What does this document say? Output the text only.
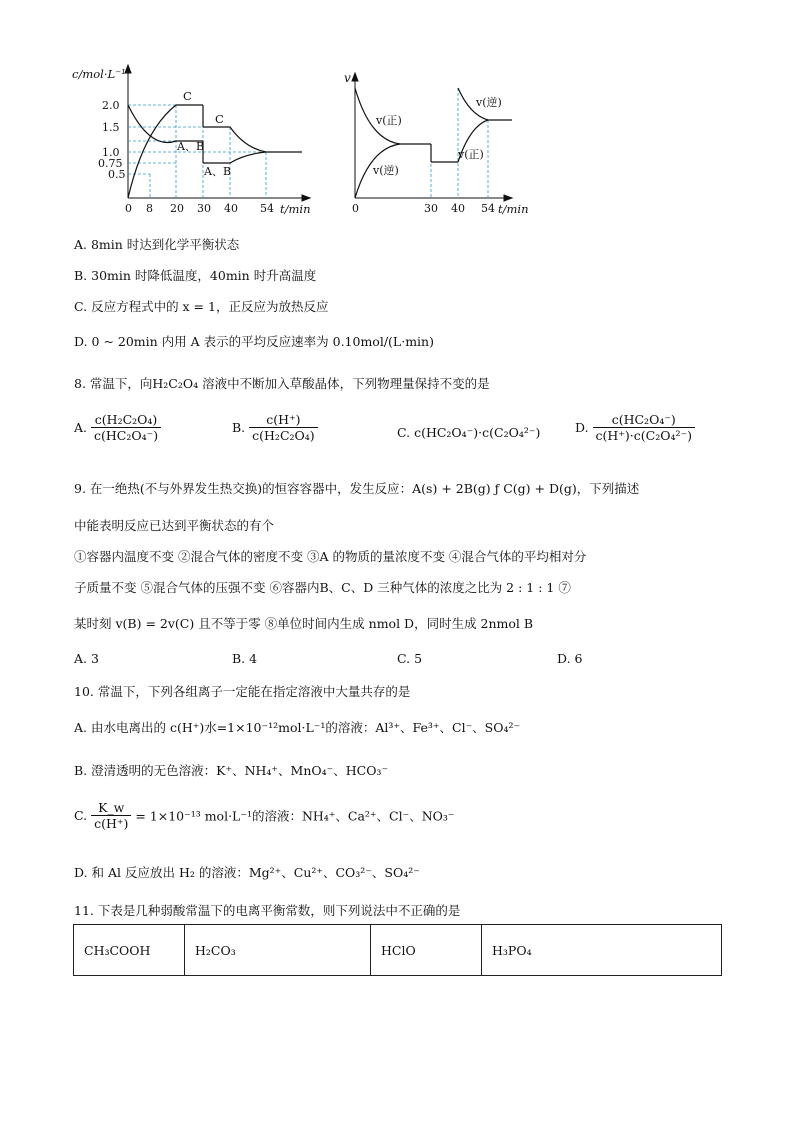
c/mol·L⁻¹
2.0
1.5
1.0
0.75
0.5
0 8 20 30 40 54 t/min
C
C
A、B
A、B
v
0	30 40 54 t/min
v(正)
v(逆)
v(逆)
v(正)
A. 8min 时达到化学平衡状态
B. 30min 时降低温度，40min 时升高温度
C. 反应方程式中的 x = 1，正反应为放热反应
D. 0 ~ 20min 内用 A 表示的平均反应速率为 0.10mol/(L·min)
8. 常温下，向H₂C₂O₄ 溶液中不断加入草酸晶体，下列物理量保持不变的是
A. $\frac{\text{c(H₂C₂O₄)}}{\text{c(HC₂O₄⁻)}}$	B. $\frac{c(H^+)}{\text{c(H₂C₂O₄)}}$	C. c(HC₂O₄⁻)·c(C₂O₄²⁻)	D. $\frac{\text{c(HC₂O₄⁻)}}{\text{c(H⁺)·c(C₂O₄²⁻)}}$
9. 在一绝热(不与外界发生热交换)的恒容容器中，发生反应：A(s) + 2B(g) ƒ C(g) + D(g)，下列描述
中能表明反应已达到平衡状态的有个
①容器内温度不变 ②混合气体的密度不变 ③A 的物质的量浓度不变 ④混合气体的平均相对分
子质量不变 ⑤混合气体的压强不变 ⑥容器内B、C、D 三种气体的浓度之比为 2 : 1 : 1 ⑦
某时刻 v(B) = 2v(C) 且不等于零 ⑧单位时间内生成 nmol D，同时生成 2nmol B
A. 3	B. 4	C. 5	D. 6
10. 常温下，下列各组离子一定能在指定溶液中大量共存的是
A. 由水电离出的 c(H⁺)水=1×10⁻¹²mol·L⁻¹的溶液：Al³⁺、Fe³⁺、Cl⁻、SO₄²⁻
B. 澄清透明的无色溶液：K⁺、NH₄⁺、MnO₄⁻、HCO₃⁻
C. $\frac{K\_w}{c(H^+)} = 1\times 10^{-13}$ mol·L⁻¹的溶液：NH₄⁺、Ca²⁺、Cl⁻、NO₃⁻
D. 和 Al 反应放出 H₂ 的溶液：Mg²⁺、Cu²⁺、CO₃²⁻、SO₄²⁻
11. 下表是几种弱酸常温下的电离平衡常数，则下列说法中不正确的是
CH₃COOH	H₂CO₃	HClO	H₃PO₄
